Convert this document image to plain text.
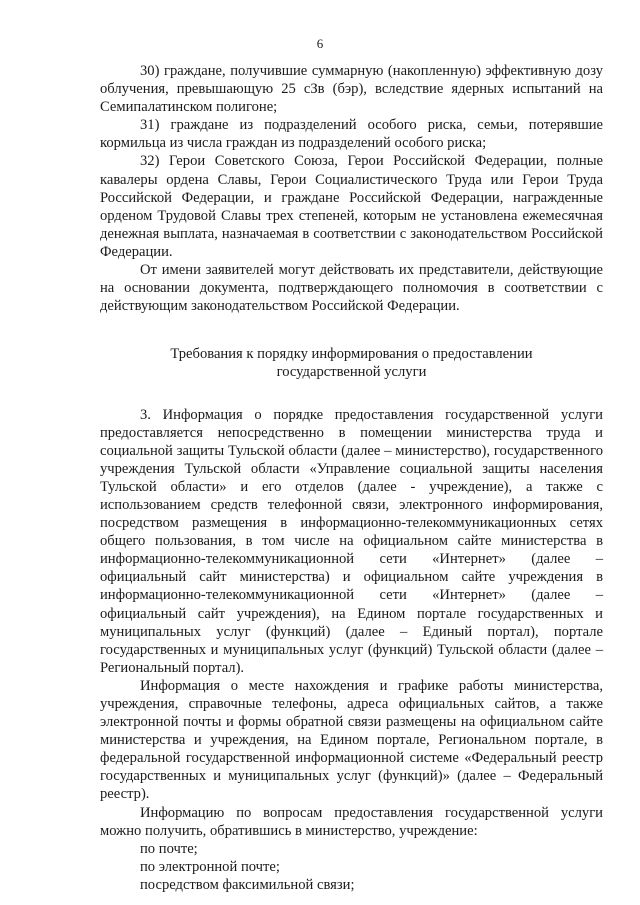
6

30) граждане, получившие суммарную (накопленную) эффективную дозу облучения, превышающую 25 сЗв (бэр), вследствие ядерных испытаний на Семипалатинском полигоне;

31) граждане из подразделений особого риска, семьи, потерявшие кормильца из числа граждан из подразделений особого риска;

32) Герои Советского Союза, Герои Российской Федерации, полные кавалеры ордена Славы, Герои Социалистического Труда или Герои Труда Российской Федерации, и граждане Российской Федерации, награжденные орденом Трудовой Славы трех степеней, которым не установлена ежемесячная денежная выплата, назначаемая в соответствии с законодательством Российской Федерации.

От имени заявителей могут действовать их представители, действующие на основании документа, подтверждающего полномочия в соответствии с действующим законодательством Российской Федерации.

Требования к порядку информирования о предоставлении
государственной услуги

3. Информация о порядке предоставления государственной услуги предоставляется непосредственно в помещении министерства труда и социальной защиты Тульской области (далее – министерство), государственного учреждения Тульской области «Управление социальной защиты населения Тульской области» и его отделов (далее - учреждение), а также с использованием средств телефонной связи, электронного информирования, посредством размещения в информационно-телекоммуникационных сетях общего пользования, в том числе на официальном сайте министерства в информационно-телекоммуникационной сети «Интернет» (далее – официальный сайт министерства) и официальном сайте учреждения в информационно-телекоммуникационной сети «Интернет» (далее – официальный сайт учреждения), на Едином портале государственных и муниципальных услуг (функций) (далее – Единый портал), портале государственных и муниципальных услуг (функций) Тульской области (далее – Региональный портал).

Информация о месте нахождения и графике работы министерства, учреждения, справочные телефоны, адреса официальных сайтов, а также электронной почты и формы обратной связи размещены на официальном сайте министерства и учреждения, на Едином портале, Региональном портале, в федеральной государственной информационной системе «Федеральный реестр государственных и муниципальных услуг (функций)» (далее – Федеральный реестр).

Информацию по вопросам предоставления государственной услуги можно получить, обратившись в министерство, учреждение:

по почте;

по электронной почте;

посредством факсимильной связи;
